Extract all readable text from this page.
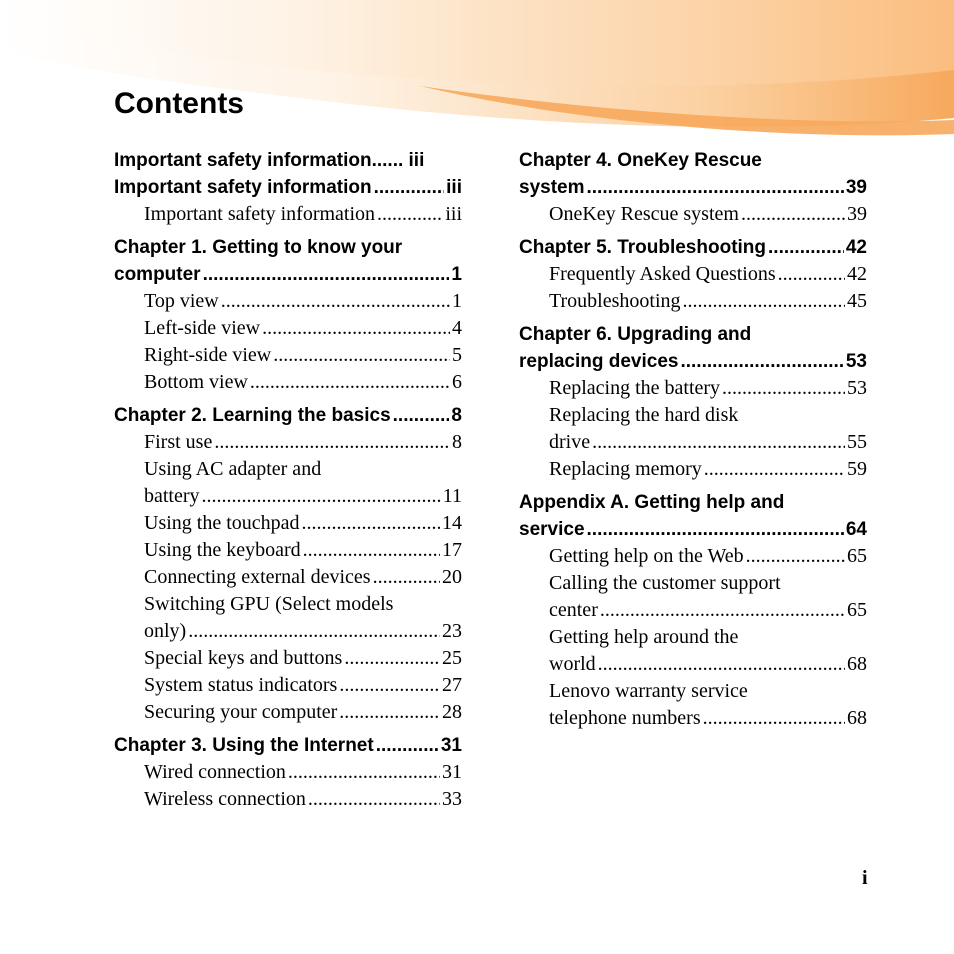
Contents
Important safety information...... iii
Important safety information .....	iii
Important safety information .....	iii
Chapter 1. Getting to know your
computer .....	1
Top view .....	1
Left-side view .....	4
Right-side view .....	5
Bottom view .....	6
Chapter 2. Learning the basics .....	8
First use .....	8
Using AC adapter and
battery .....	11
Using the touchpad .....	14
Using the keyboard .....	17
Connecting external devices .....	20
Switching GPU (Select models
only) .....	23
Special keys and buttons .....	25
System status indicators .....	27
Securing your computer .....	28
Chapter 3. Using the Internet .....	31
Wired connection .....	31
Wireless connection .....	33
Chapter 4. OneKey Rescue
system .....	39
OneKey Rescue system .....	39
Chapter 5. Troubleshooting .....	42
Frequently Asked Questions .....	42
Troubleshooting .....	45
Chapter 6. Upgrading and
replacing devices .....	53
Replacing the battery .....	53
Replacing the hard disk
drive .....	55
Replacing memory .....	59
Appendix A. Getting help and
service .....	64
Getting help on the Web .....	65
Calling the customer support
center .....	65
Getting help around the
world .....	68
Lenovo warranty service
telephone numbers .....	68
i
